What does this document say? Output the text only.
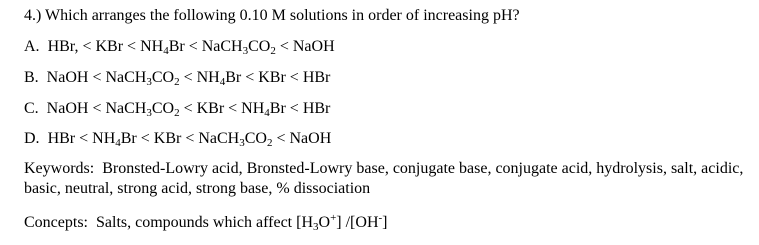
4.) Which arranges the following 0.10 M solutions in order of increasing pH?
A. HBr, < KBr < $NH_4Br$ < $NaCH_3CO_2$ < NaOH
B. NaOH < $NaCH_3CO_2 < NH_4Br$ < KBr < HBr
C. NaOH < $NaCH_3CO_2$ < KBr < $NH_4Br$ < HBr
D. HBr < $NH_4Br$ < KBr < $NaCH_3CO_2$ < NaOH
Keywords: Bronsted-Lowry acid, Bronsted-Lowry base, conjugate base, conjugate acid, hydrolysis, salt, acidic, basic, neutral, strong acid, strong base, % dissociation
Concepts: Salts, compounds which affect $[H_3O^+]$ /[OH-]
